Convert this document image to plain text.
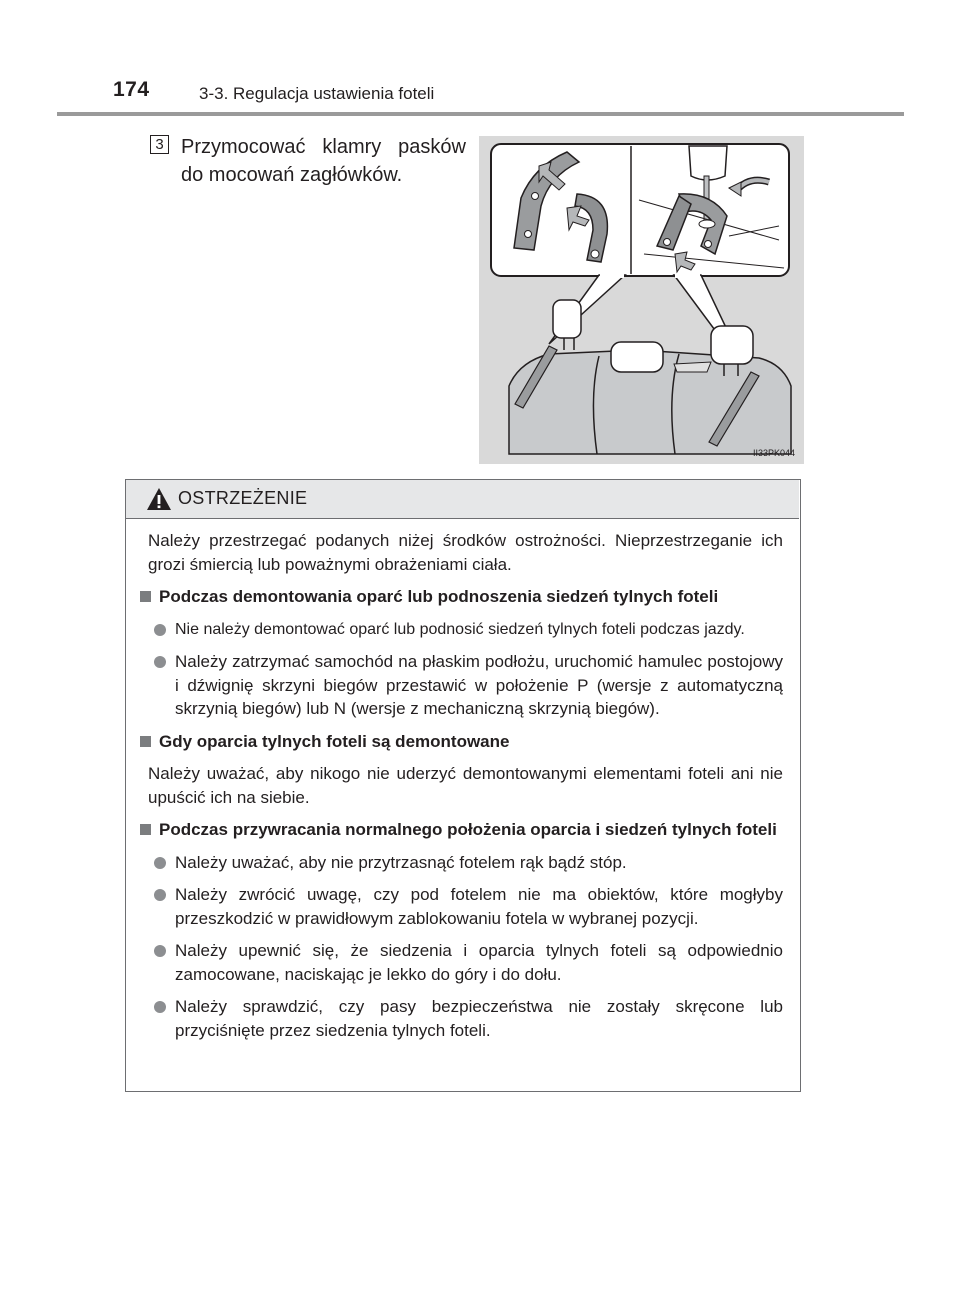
174	3-3. Regulacja ustawienia foteli
3 Przymocować klamry pasków do mocowań zagłówków.
II33PK044
OSTRZEŻENIE
Należy przestrzegać podanych niżej środków ostrożności. Nieprzestrzeganie ich grozi śmiercią lub poważnymi obrażeniami ciała.
Podczas demontowania oparć lub podnoszenia siedzeń tylnych foteli
Nie należy demontować oparć lub podnosić siedzeń tylnych foteli podczas jazdy.
Należy zatrzymać samochód na płaskim podłożu, uruchomić hamulec postojowy i dźwignię skrzyni biegów przestawić w położenie P (wersje z automatyczną skrzynią biegów) lub N (wersje z mechaniczną skrzynią biegów).
Gdy oparcia tylnych foteli są demontowane
Należy uważać, aby nikogo nie uderzyć demontowanymi elementami foteli ani nie upuścić ich na siebie.
Podczas przywracania normalnego położenia oparcia i siedzeń tylnych foteli
Należy uważać, aby nie przytrzasnąć fotelem rąk bądź stóp.
Należy zwrócić uwagę, czy pod fotelem nie ma obiektów, które mogłyby przeszkodzić w prawidłowym zablokowaniu fotela w wybranej pozycji.
Należy upewnić się, że siedzenia i oparcia tylnych foteli są odpowiednio zamocowane, naciskając je lekko do góry i do dołu.
Należy sprawdzić, czy pasy bezpieczeństwa nie zostały skręcone lub przyciśnięte przez siedzenia tylnych foteli.
